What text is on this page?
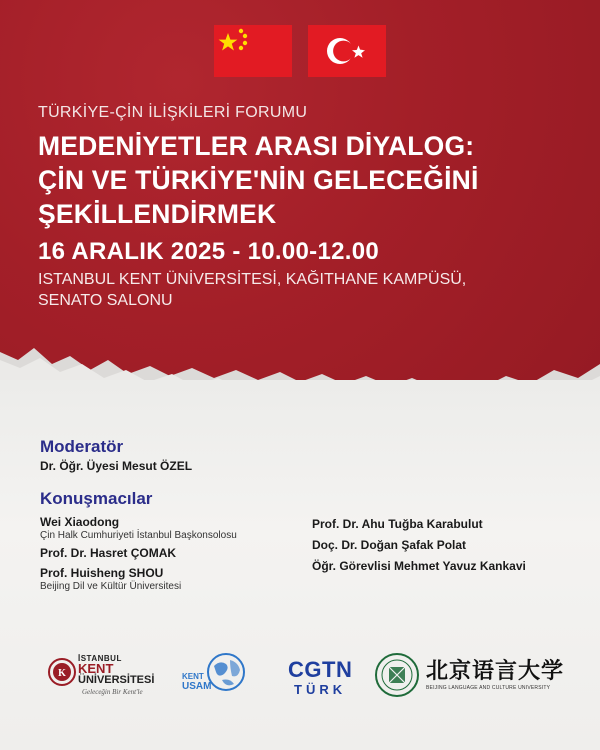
TÜRKİYE-ÇİN İLİŞKİLERİ FORUMU
MEDENİYETLER ARASI DİYALOG:
ÇİN VE TÜRKİYE'NİN GELECEĞİNİ
ŞEKİLLENDİRMEK
16 ARALIK 2025 - 10.00-12.00
ISTANBUL KENT ÜNİVERSİTESİ, KAĞITHANE KAMPÜSÜ,
SENATO SALONU
Moderatör
Dr. Öğr. Üyesi Mesut ÖZEL
Konuşmacılar
Wei Xiaodong
Çin Halk Cumhuriyeti İstanbul Başkonsolosu
Prof. Dr. Hasret ÇOMAK
Prof. Huisheng SHOU
Beijing Dil ve Kültür Üniversitesi
Prof. Dr. Ahu Tuğba Karabulut
Doç. Dr. Doğan Şafak Polat
Öğr. Görevlisi Mehmet Yavuz Kankavi
K
İSTANBUL
KENT
ÜNİVERSİTESİ
Geleceğin Bir Kent'le
KENT
USAM
CGTN
TÜRK
北京语言大学
BEIJING LANGUAGE AND CULTURE UNIVERSITY
